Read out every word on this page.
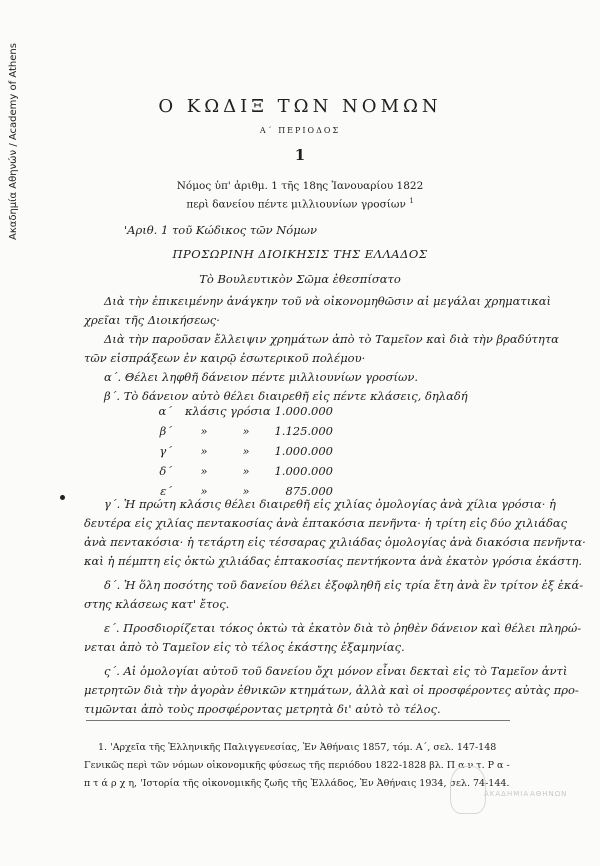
Ακαδημία Αθηνών / Academy of Athens	Ο ΚΩΔΙΞ ΤΩΝ ΝΟΜΩΝ
Α΄ ΠΕΡΙΟΔΟΣ
1
Νόμος ὑπ' ἀριθμ. 1 τῆς 18ης Ἰανουαρίου 1822
περὶ δανείου πέντε μιλλιουνίων γροσίων $^1$
'Αριθ. 1 τοῦ Κώδικος τῶν Νόμων
ΠΡΟΣΩΡΙΝΗ ΔΙΟΙΚΗΣΙΣ ΤΗΣ ΕΛΛΑΔΟΣ
Τὸ Βουλευτικὸν Σῶμα ἐθεσπίσατο
Διὰ τὴν ἐπικειμένην ἀνάγκην τοῦ νὰ οἰκονομηθῶσιν αἱ μεγάλαι χρηματικαὶ
χρεῖαι τῆς Διοικήσεως·
Διὰ τὴν παροῦσαν ἔλλειψιν χρημάτων ἀπὸ τὸ Ταμεῖον καὶ διὰ τὴν βραδύτητα
τῶν εἰσπράξεων ἐν καιρῷ ἐσωτερικοῦ πολέμου·
α΄. Θέλει ληφθῆ δάνειον πέντε μιλλιουνίων γροσίων.
β΄. Τὸ δάνειον αὐτὸ θέλει διαιρεθῆ εἰς πέντε κλάσεις, δηλαδή
α΄ κλάσις γρόσια 1.000.000
β΄	»	»	1.125.000
γ΄	»	»	1.000.000
δ΄	»	»	1.000.000
ε΄	»	»	875.000
γ΄. Ἡ πρώτη κλάσις θέλει διαιρεθῆ εἰς χιλίας ὁμολογίας ἀνὰ χίλια γρόσια· ἡ
δευτέρα εἰς χιλίας πεντακοσίας ἀνὰ ἑπτακόσια πενῆντα· ἡ τρίτη εἰς δύο χιλιάδας
ἀνὰ πεντακόσια· ἡ τετάρτη εἰς τέσσαρας χιλιάδας ὁμολογίας ἀνὰ διακόσια πενῆντα·
καὶ ἡ πέμπτη εἰς ὀκτὼ χιλιάδας ἑπτακοσίας πεντήκοντα ἀνὰ ἑκατὸν γρόσια ἑκάστη.
δ΄. Ἡ ὅλη ποσότης τοῦ δανείου θέλει ἐξοφληθῆ εἰς τρία ἔτη ἀνὰ ἓν τρίτον ἐξ ἑκά-
στης κλάσεως κατ' ἔτος.
ε΄. Προσδιορίζεται τόκος ὀκτὼ τὰ ἑκατὸν διὰ τὸ ῥηθὲν δάνειον καὶ θέλει πληρώ-
νεται ἀπὸ τὸ Ταμεῖον εἰς τὸ τέλος ἑκάστης ἑξαμηνίας.
ς΄. Αἱ ὁμολογίαι αὐτοῦ τοῦ δανείου ὄχι μόνον εἶναι δεκταὶ εἰς τὸ Ταμεῖον ἀντὶ
μετρητῶν διὰ τὴν ἀγορὰν ἐθνικῶν κτημάτων, ἀλλὰ καὶ οἱ προσφέροντες αὐτὰς προ-
τιμῶνται ἀπὸ τοὺς προσφέροντας μετρητὰ δι' αὐτὸ τὸ τέλος.
1. 'Αρχεῖα τῆς Ἑλληνικῆς Παλιγγενεσίας, Ἐν Ἀθήναις 1857, τόμ. Α΄, σελ. 147-148
Γενικῶς περὶ τῶν νόμων οἰκονομικῆς φύσεως τῆς περιόδου 1822-1828 βλ. Π α ν τ. Ρ α -
π τ ά ρ χ η, 'Ιστορία τῆς οἰκονομικῆς ζωῆς τῆς Ἑλλάδος, Ἐν Ἀθήναις 1934, σελ. 74-144.
ΑΚΑΔΗΜΙΑ ΑΘΗΝΩΝ
